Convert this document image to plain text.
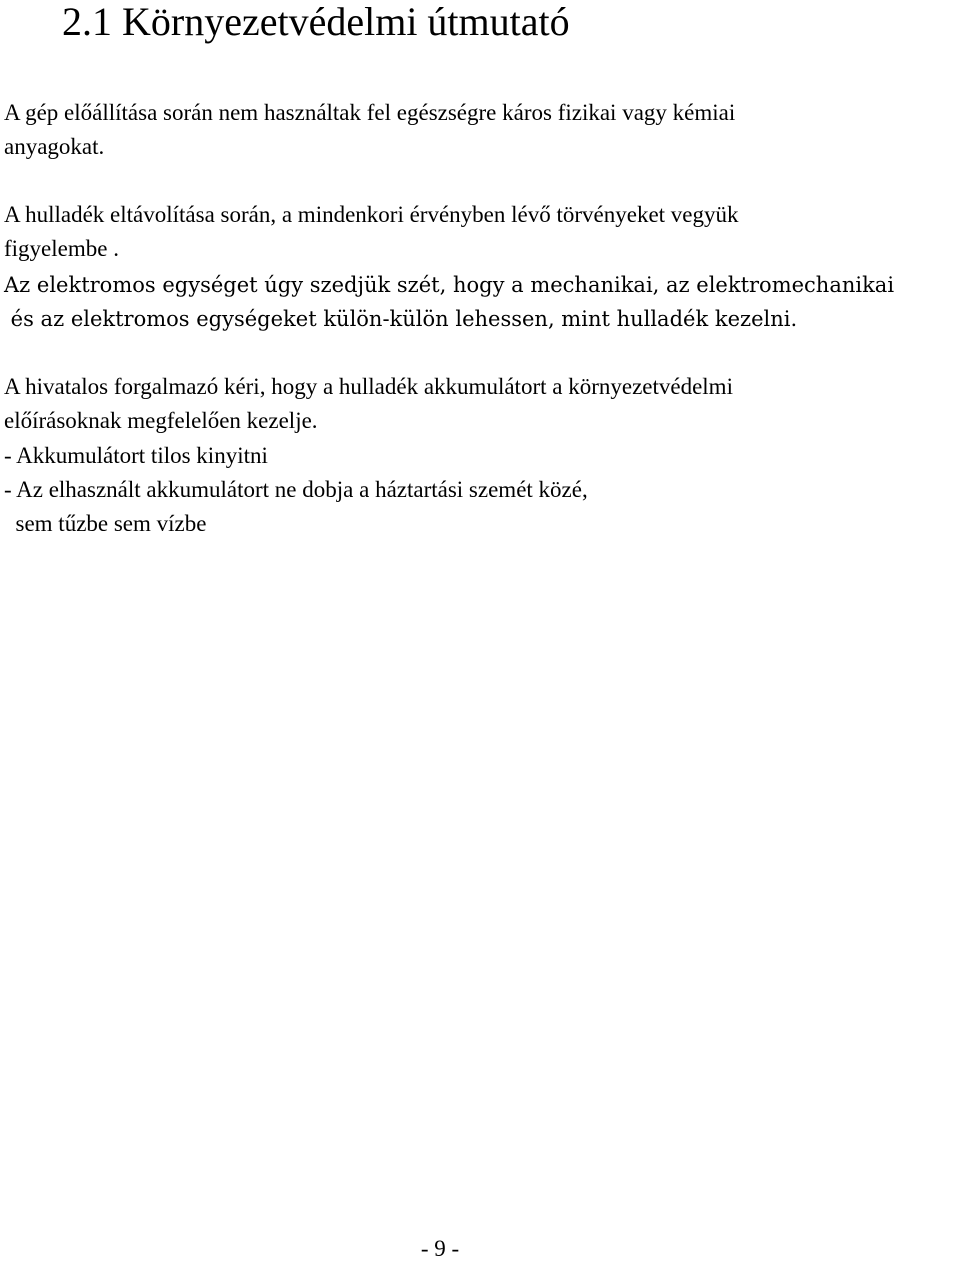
2.1 Környezetvédelmi útmutató

A gép előállítása során nem használtak fel egészségre káros fizikai vagy kémiai

anyagokat.

A hulladék eltávolítása során, a mindenkori érvényben lévő törvényeket vegyük

figyelembe .

Az elektromos egységet úgy szedjük szét, hogy a mechanikai, az elektromechanikai

és az elektromos egységeket külön-külön lehessen, mint hulladék kezelni.

A hivatalos forgalmazó kéri, hogy a hulladék akkumulátort a környezetvédelmi

előírásoknak megfelelően kezelje.

- Akkumulátort tilos kinyitni

- Az elhasznált akkumulátort ne dobja a háztartási szemét közé,

sem tűzbe sem vízbe

- 9 -
